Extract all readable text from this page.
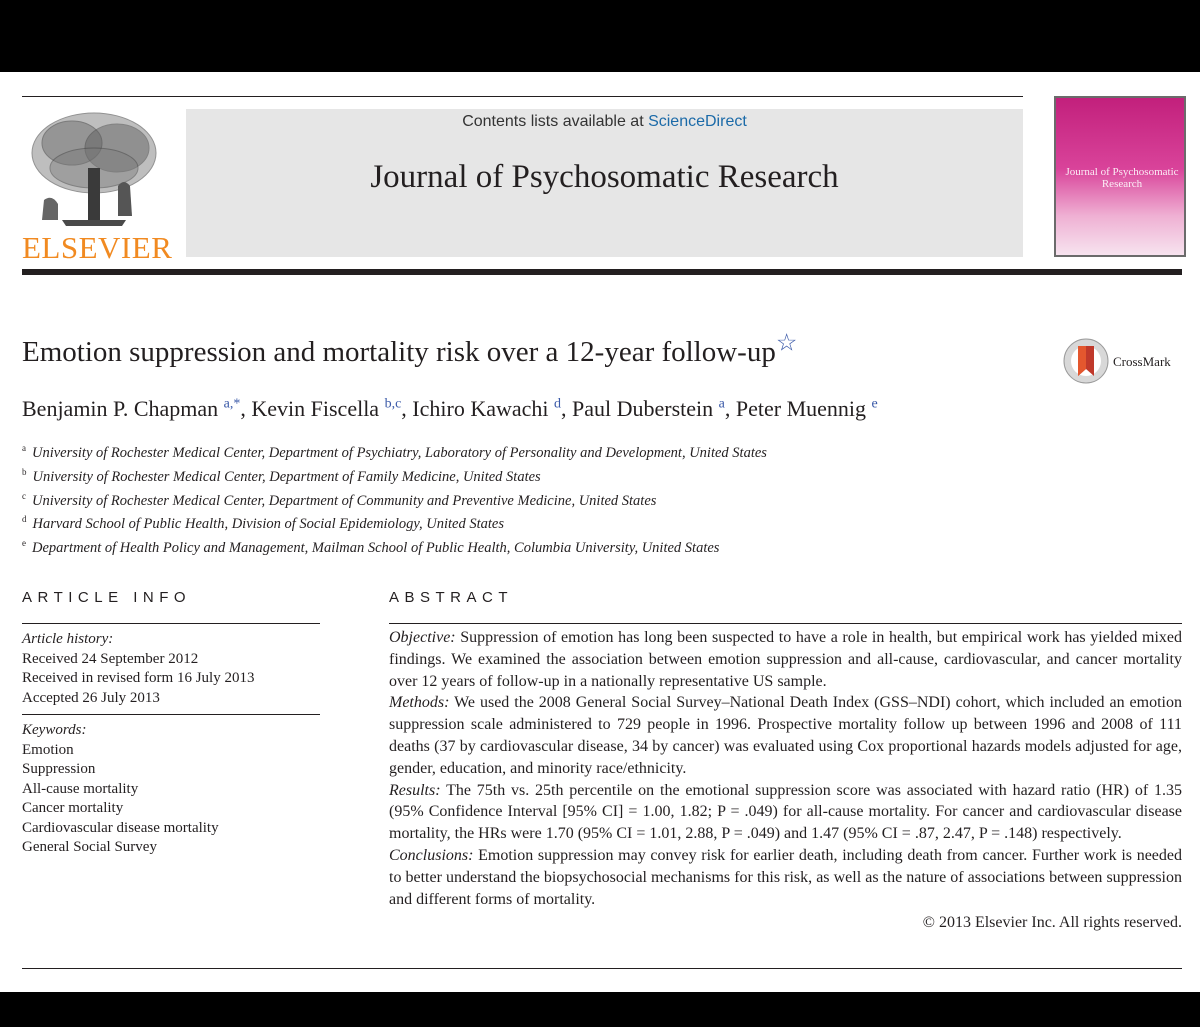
ELSEVIER
Contents lists available at ScienceDirect
Journal of Psychosomatic Research	Journal of Psychosomatic Research
Emotion suppression and mortality risk over a 12-year follow-up☆
CrossMark
Benjamin P. Chapman $^{a,*}$, Kevin Fiscella $^{b,c}$, Ichiro Kawachi $^d$, Paul Duberstein $^a$, Peter Muennig $^e$
$^a$ University of Rochester Medical Center, Department of Psychiatry, Laboratory of Personality and Development, United States
$^b$ University of Rochester Medical Center, Department of Family Medicine, United States
$^c$ University of Rochester Medical Center, Department of Community and Preventive Medicine, United States
$^d$ Harvard School of Public Health, Division of Social Epidemiology, United States
$^e$ Department of Health Policy and Management, Mailman School of Public Health, Columbia University, United States
ARTICLE INFO	ABSTRACT
Article history:
Received 24 September 2012
Received in revised form 16 July 2013
Accepted 26 July 2013
Keywords:
Emotion
Suppression
All-cause mortality
Cancer mortality
Cardiovascular disease mortality
General Social Survey
Objective: Suppression of emotion has long been suspected to have a role in health, but empirical work has yielded mixed findings. We examined the association between emotion suppression and all-cause, cardiovascular, and cancer mortality over 12 years of follow-up in a nationally representative US sample.
Methods: We used the 2008 General Social Survey–National Death Index (GSS–NDI) cohort, which included an emotion suppression scale administered to 729 people in 1996. Prospective mortality follow up between 1996 and 2008 of 111 deaths (37 by cardiovascular disease, 34 by cancer) was evaluated using Cox proportional hazards models adjusted for age, gender, education, and minority race/ethnicity.
Results: The 75th vs. 25th percentile on the emotional suppression score was associated with hazard ratio (HR) of 1.35 (95% Confidence Interval [95% CI] = 1.00, 1.82; P = .049) for all-cause mortality. For cancer and cardiovascular disease mortality, the HRs were 1.70 (95% CI = 1.01, 2.88, P = .049) and 1.47 (95% CI = .87, 2.47, P = .148) respectively.
Conclusions: Emotion suppression may convey risk for earlier death, including death from cancer. Further work is needed to better understand the biopsychosocial mechanisms for this risk, as well as the nature of associations between suppression and different forms of mortality.
© 2013 Elsevier Inc. All rights reserved.
